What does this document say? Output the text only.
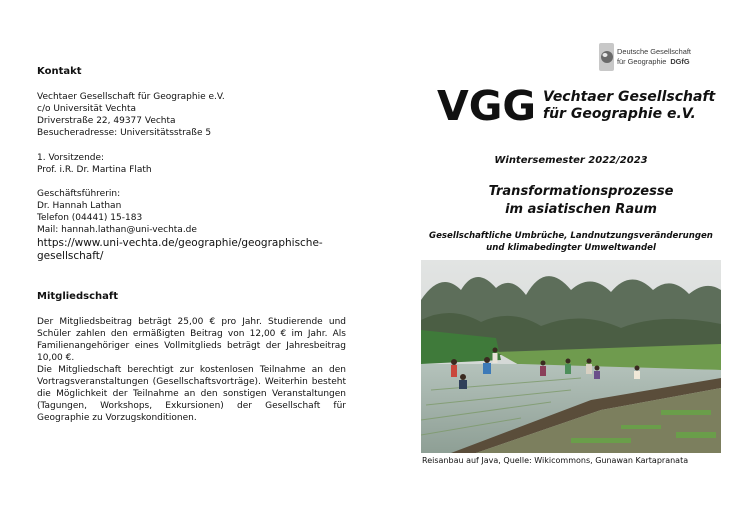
Kontakt
Vechtaer Gesellschaft für Geographie e.V.
c/o Universität Vechta
Driverstraße 22, 49377 Vechta
Besucheradresse: Universitätsstraße 5
1. Vorsitzende:
Prof. i.R. Dr. Martina Flath
Geschäftsführerin:
Dr. Hannah Lathan
Telefon (04441) 15-183
Mail: hannah.lathan@uni-vechta.de
https://www.uni-vechta.de/geographie/geographische-
gesellschaft/
Mitgliedschaft
Der Mitgliedsbeitrag beträgt 25,00 € pro Jahr. Studierende und Schüler zahlen den ermäßigten Beitrag von 12,00 € im Jahr. Als Familienangehöriger eines Vollmitglieds beträgt der Jahresbeitrag 10,00 €.
Die Mitgliedschaft berechtigt zur kostenlosen Teilnahme an den Vortragsveranstaltungen (Gesellschaftsvorträge). Weiterhin besteht die Möglichkeit der Teilnahme an den sonstigen Veranstaltungen (Tagungen, Workshops, Exkursionen) der Gesellschaft für Geographie zu Vorzugskonditionen.
Deutsche Gesellschaft
für Geographie DGfG
VGG Vechtaer Gesellschaft
für Geographie e.V.
Wintersemester 2022/2023
Transformationsprozesse
im asiatischen Raum
Gesellschaftliche Umbrüche, Landnutzungsveränderungen
und klimabedingter Umweltwandel
Reisanbau auf Java, Quelle: Wikicommons, Gunawan Kartapranata
